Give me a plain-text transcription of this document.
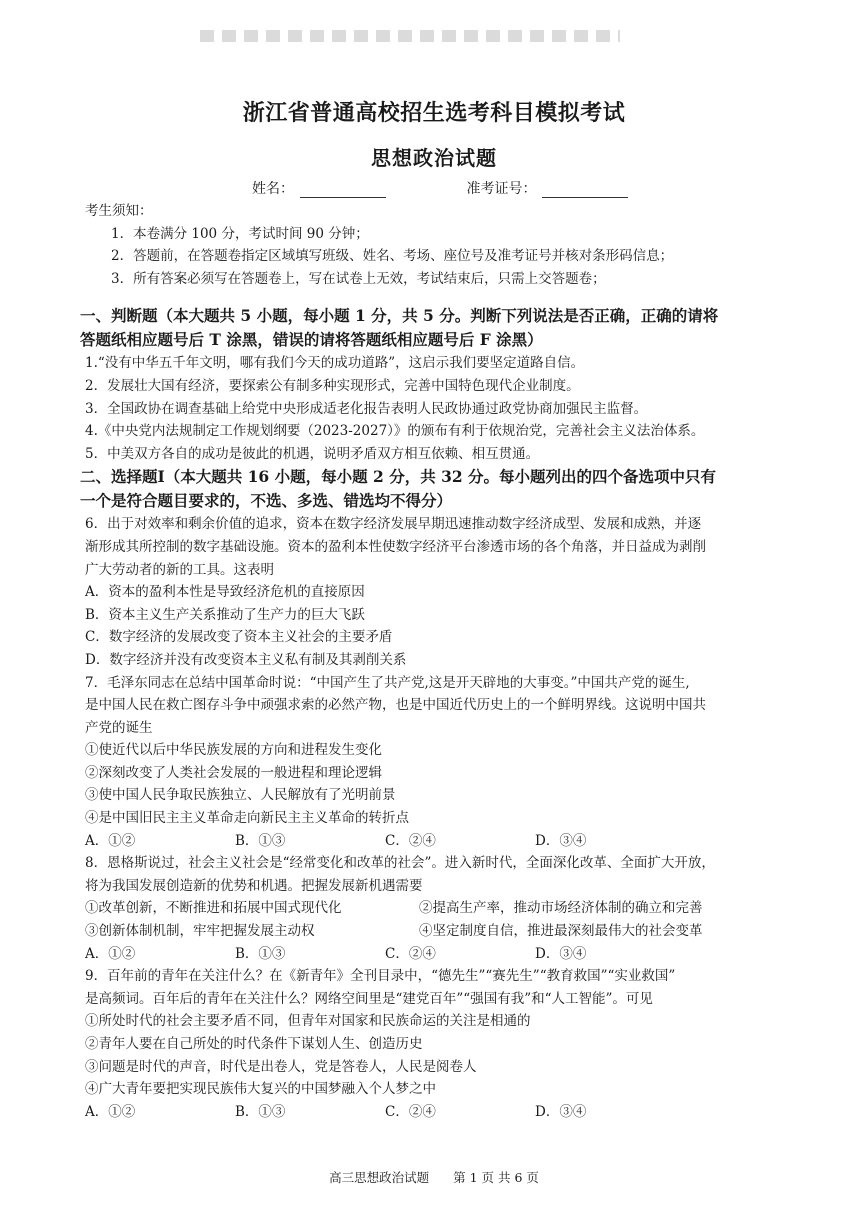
浙江省普通高校招生选考科目模拟考试
思想政治试题
姓名：	准考证号：
考生须知：
1．本卷满分 100 分，考试时间 90 分钟；
2．答题前，在答题卷指定区域填写班级、姓名、考场、座位号及准考证号并核对条形码信息；
3．所有答案必须写在答题卷上，写在试卷上无效，考试结束后，只需上交答题卷；
一、判断题（本大题共 5 小题，每小题 1 分，共 5 分。判断下列说法是否正确，正确的请将
答题纸相应题号后 T 涂黑，错误的请将答题纸相应题号后 F 涂黑）
1.“没有中华五千年文明，哪有我们今天的成功道路”，这启示我们要坚定道路自信。
2．发展壮大国有经济，要探索公有制多种实现形式，完善中国特色现代企业制度。
3．全国政协在调查基础上给党中央形成适老化报告表明人民政协通过政党协商加强民主监督。
4.《中央党内法规制定工作规划纲要（2023-2027）》的颁布有利于依规治党，完善社会主义法治体系。
5．中美双方各自的成功是彼此的机遇，说明矛盾双方相互依赖、相互贯通。
二、选择题Ⅰ（本大题共 16 小题，每小题 2 分，共 32 分。每小题列出的四个备选项中只有
一个是符合题目要求的，不选、多选、错选均不得分）
6．出于对效率和剩余价值的追求，资本在数字经济发展早期迅速推动数字经济成型、发展和成熟，并逐
渐形成其所控制的数字基础设施。资本的盈利本性使数字经济平台渗透市场的各个角落，并日益成为剥削
广大劳动者的新的工具。这表明
A．资本的盈利本性是导致经济危机的直接原因
B．资本主义生产关系推动了生产力的巨大飞跃
C．数字经济的发展改变了资本主义社会的主要矛盾
D．数字经济并没有改变资本主义私有制及其剥削关系
7．毛泽东同志在总结中国革命时说：“中国产生了共产党,这是开天辟地的大事变。”中国共产党的诞生,
是中国人民在救亡图存斗争中顽强求索的必然产物，也是中国近代历史上的一个鲜明界线。这说明中国共
产党的诞生
①使近代以后中华民族发展的方向和进程发生变化
②深刻改变了人类社会发展的一般进程和理论逻辑
③使中国人民争取民族独立、人民解放有了光明前景
④是中国旧民主主义革命走向新民主主义革命的转折点
A．①②	B．①③	C．②④	D．③④
8．恩格斯说过，社会主义社会是“经常变化和改革的社会”。进入新时代，全面深化改革、全面扩大开放，
将为我国发展创造新的优势和机遇。把握发展新机遇需要
①改革创新，不断推进和拓展中国式现代化	②提高生产率，推动市场经济体制的确立和完善
③创新体制机制，牢牢把握发展主动权	④坚定制度自信，推进最深刻最伟大的社会变革
A．①②	B．①③	C．②④	D．③④
9．百年前的青年在关注什么？在《新青年》全刊目录中，“德先生”“赛先生”“教育救国”“实业救国”
是高频词。百年后的青年在关注什么？网络空间里是“建党百年”“强国有我”和“人工智能”。可见
①所处时代的社会主要矛盾不同，但青年对国家和民族命运的关注是相通的
②青年人要在自己所处的时代条件下谋划人生、创造历史
③问题是时代的声音，时代是出卷人，党是答卷人，人民是阅卷人
④广大青年要把实现民族伟大复兴的中国梦融入个人梦之中
A．①②	B．①③	C．②④	D．③④
高三思想政治试题 第 1 页 共 6 页
